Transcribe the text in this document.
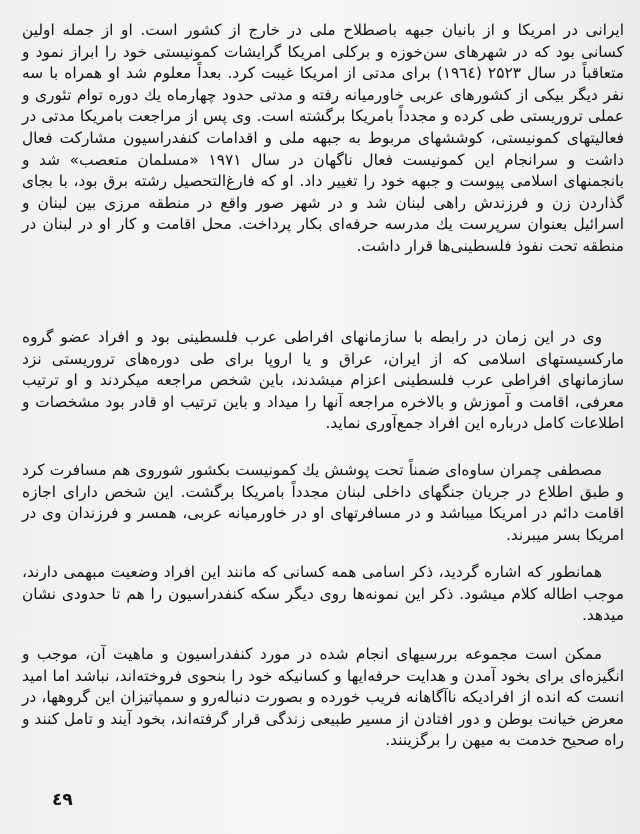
ایرانی در امریکا و از بانیان جبهه باصطلاح ملی در خارج از کشور است. او از جمله اولین کسانی بود که در شهرهای سن‌خوزه و برکلی امریکا گرایشات کمونیستی خود را ابراز نمود و متعاقباً در سال ۲۵۲۳ (۱۹٦٤) برای مدتی از امریکا غیبت کرد. بعداً معلوم شد او همراه با سه نفر دیگر بیکی از کشورهای عربی خاورمیانه رفته و مدتی حدود چهارماه یك دوره توام تئوری و عملی تروریستی طی کرده و مجدداً بامریکا برگشته است. وی پس از مراجعت بامریکا مدتی در فعالیتهای کمونیستی، کوششهای مربوط به جبهه ملی و اقدامات کنفدراسیون مشارکت فعال داشت و سرانجام این کمونیست فعال ناگهان در سال ۱۹۷۱ «مسلمان متعصب» شد و بانجمنهای اسلامی پیوست و جبهه خود را تغییر داد. او که فارغ‌التحصیل رشته برق بود، با بجای گذاردن زن و فرزندش راهی لبنان شد و در شهر صور واقع در منطقه مرزی بین لبنان و اسرائیل بعنوان سرپرست یك مدرسه حرفه‌ای بکار پرداخت. محل اقامت و کار او در لبنان در منطقه تحت نفوذ فلسطینی‌ها قرار داشت.

وی در این زمان در رابطه با سازمانهای افراطی عرب فلسطینی بود و افراد عضو گروه مارکسیستهای اسلامی که از ایران، عراق و یا اروپا برای طی دوره‌های تروریستی نزد سازمانهای افراطی عرب فلسطینی اعزام میشدند، باین شخص مراجعه میکردند و او ترتیب معرفی، اقامت و آموزش و بالاخره مراجعه آنها را میداد و باین ترتیب او قادر بود مشخصات و اطلاعات کامل درباره این افراد جمع‌آوری نماید.

مصطفی چمران ساوه‌ای ضمناً تحت پوشش یك کمونیست بکشور شوروی هم مسافرت کرد و طبق اطلاع در جریان جنگهای داخلی لبنان مجدداً بامریکا برگشت. این شخص دارای اجازه اقامت دائم در امریکا میباشد و در مسافرتهای او در خاورمیانه عربی، همسر و فرزندان وی در امریکا بسر میبرند.

همانطور که اشاره گردید، ذکر اسامی همه کسانی که مانند این افراد وضعیت مبهمی دارند، موجب اطاله کلام میشود. ذکر این نمونه‌ها روی دیگر سکه کنفدراسیون را هم تا حدودی نشان میدهد.

ممکن است مجموعه بررسیهای انجام شده در مورد کنفدراسیون و ماهیت آن، موجب و انگیزه‌ای برای بخود آمدن و هدایت حرفه‌ایها و کسانیکه خود را بنحوی فروخته‌اند، نباشد اما امید انست که انده از افرادیکه ناآگاهانه فریب خورده و بصورت دنباله‌رو و سمپاتیزان این گروهها، در معرض خیانت بوطن و دور افتادن از مسیر طبیعی زندگی قرار گرفته‌اند، بخود آیند و تامل کنند و راه صحیح خدمت به میهن را برگزینند.

٤٩
